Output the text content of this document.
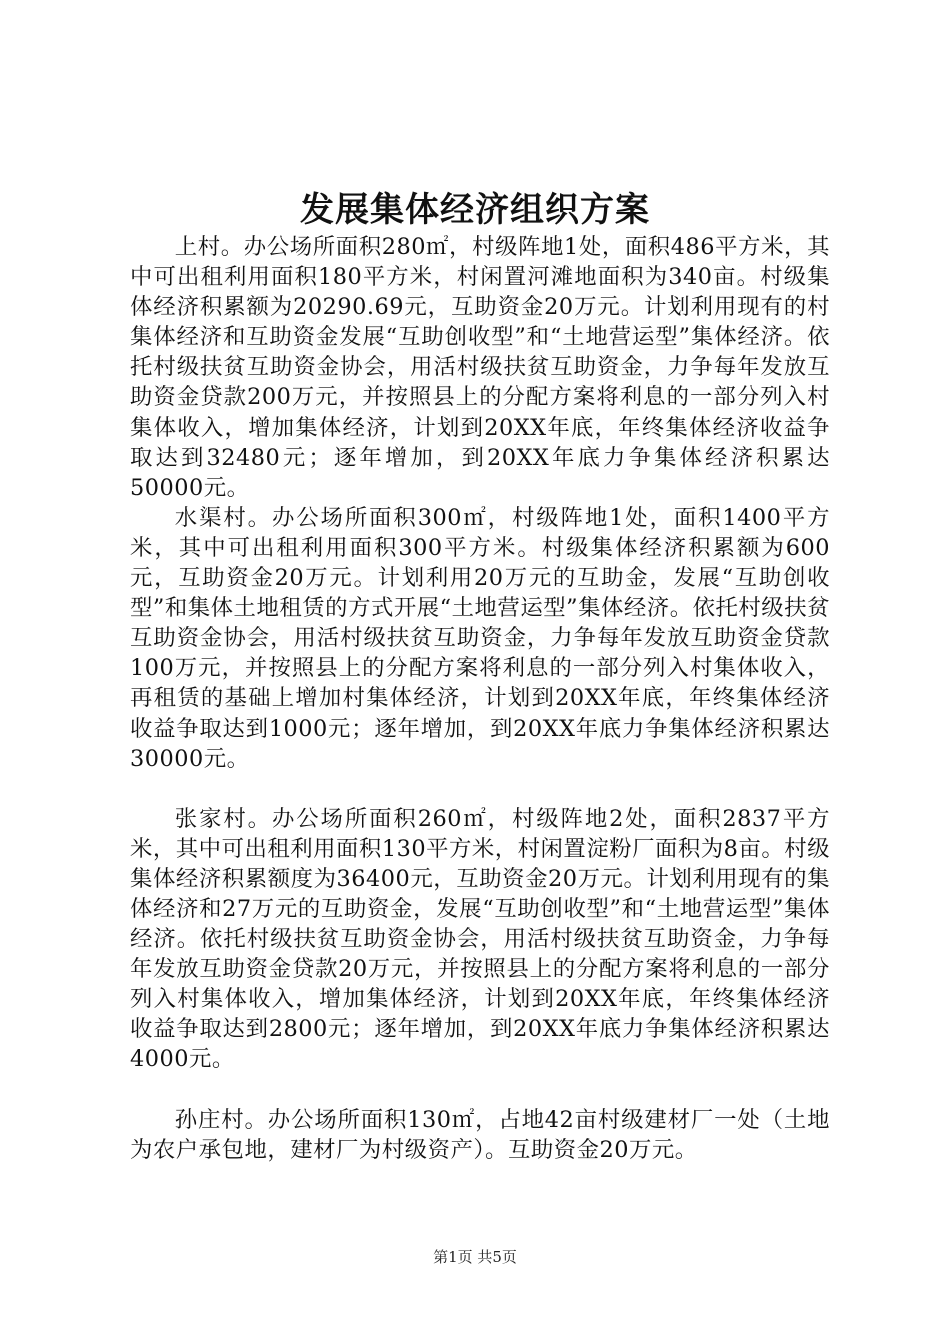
发展集体经济组织方案

上村。办公场所面积280㎡，村级阵地1处，面积486平方米，其中可出租利用面积180平方米，村闲置河滩地面积为340亩。村级集体经济积累额为20290.69元，互助资金20万元。计划利用现有的村集体经济和互助资金发展“互助创收型”和“土地营运型”集体经济。依托村级扶贫互助资金协会，用活村级扶贫互助资金，力争每年发放互助资金贷款200万元，并按照县上的分配方案将利息的一部分列入村集体收入，增加集体经济，计划到20XX年底，年终集体经济收益争取达到32480元；逐年增加，到20XX年底力争集体经济积累达50000元。

水渠村。办公场所面积300㎡，村级阵地1处，面积1400平方米，其中可出租利用面积300平方米。村级集体经济积累额为600元，互助资金20万元。计划利用20万元的互助金，发展“互助创收型”和集体土地租赁的方式开展“土地营运型”集体经济。依托村级扶贫互助资金协会，用活村级扶贫互助资金，力争每年发放互助资金贷款100万元，并按照县上的分配方案将利息的一部分列入村集体收入，再租赁的基础上增加村集体经济，计划到20XX年底，年终集体经济收益争取达到1000元；逐年增加，到20XX年底力争集体经济积累达30000元。

张家村。办公场所面积260㎡，村级阵地2处，面积2837平方米，其中可出租利用面积130平方米，村闲置淀粉厂面积为8亩。村级集体经济积累额度为36400元，互助资金20万元。计划利用现有的集体经济和27万元的互助资金，发展“互助创收型”和“土地营运型”集体经济。依托村级扶贫互助资金协会，用活村级扶贫互助资金，力争每年发放互助资金贷款20万元，并按照县上的分配方案将利息的一部分列入村集体收入，增加集体经济，计划到20XX年底，年终集体经济收益争取达到2800元；逐年增加，到20XX年底力争集体经济积累达4000元。

孙庄村。办公场所面积130㎡，占地42亩村级建材厂一处（土地为农户承包地，建材厂为村级资产）。互助资金20万元。

第1页 共5页
